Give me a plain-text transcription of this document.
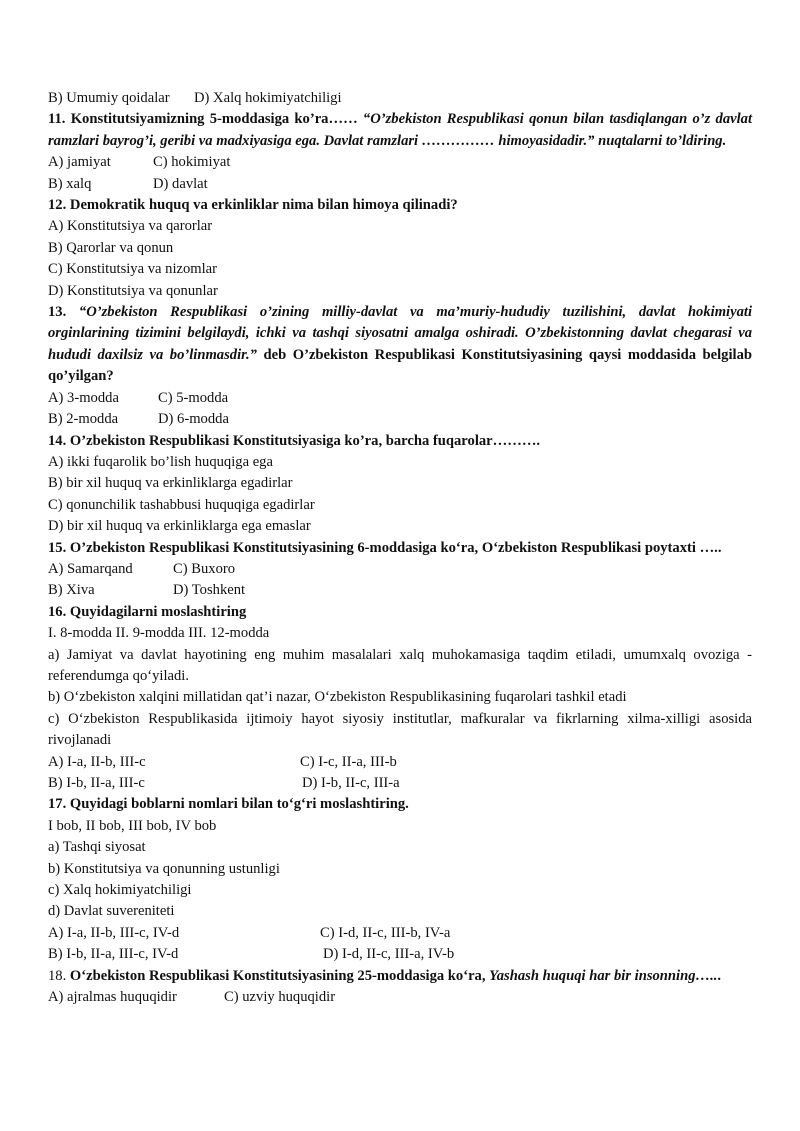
B) Umumiy qoidalar	D) Xalq hokimiyatchiligi
11. Konstitutsiyamizning 5-moddasiga ko’ra…… “O’zbekiston Respublikasi qonun bilan tasdiqlangan o’z davlat ramzlari bayrog’i, geribi va madxiyasiga ega. Davlat ramzlari …………… himoyasidadir.” nuqtalarni to’ldiring.
A) jamiyat	C) hokimiyat
B) xalq	D) davlat
12. Demokratik huquq va erkinliklar nima bilan himoya qilinadi?
A) Konstitutsiya va qarorlar
B) Qarorlar va qonun
C) Konstitutsiya va nizomlar
D) Konstitutsiya va qonunlar
13. “O’zbekiston Respublikasi o’zining milliy-davlat va ma’muriy-hududiy tuzilishini, davlat hokimiyati orginlarining tizimini belgilaydi, ichki va tashqi siyosatni amalga oshiradi. O’zbekistonning davlat chegarasi va hududi daxilsiz va bo’linmasdir.” deb O’zbekiston Respublikasi Konstitutsiyasining qaysi moddasida belgilab qo’yilgan?
A) 3-modda	C) 5-modda
B) 2-modda	D) 6-modda
14. O’zbekiston Respublikasi Konstitutsiyasiga ko’ra, barcha fuqarolar……….
A) ikki fuqarolik bo’lish huquqiga ega
B) bir xil huquq va erkinliklarga egadirlar
C) qonunchilik tashabbusi huquqiga egadirlar
D) bir xil huquq va erkinliklarga ega emaslar
15. O’zbekiston Respublikasi Konstitutsiyasining 6-moddasiga ko‘ra, O‘zbekiston Respublikasi poytaxti …..
A) Samarqand	C) Buxoro
B) Xiva	D) Toshkent
16. Quyidagilarni moslashtiring
I. 8-modda II. 9-modda III. 12-modda
a) Jamiyat va davlat hayotining eng muhim masalalari xalq muhokamasiga taqdim etiladi, umumxalq ovoziga - referendumga qo‘yiladi.
b) O‘zbekiston xalqini millatidan qat’i nazar, O‘zbekiston Respublikasining fuqarolari tashkil etadi
c) O‘zbekiston Respublikasida ijtimoiy hayot siyosiy institutlar, mafkuralar va fikrlarning xilma-xilligi asosida rivojlanadi
A) I-a, II-b, III-c	C) I-c, II-a, III-b
B) I-b, II-a, III-c	D) I-b, II-c, III-a
17. Quyidagi boblarni nomlari bilan to‘g‘ri moslashtiring.
I bob, II bob, III bob, IV bob
a) Tashqi siyosat
b) Konstitutsiya va qonunning ustunligi
c) Xalq hokimiyatchiligi
d) Davlat suvereniteti
A) I-a, II-b, III-c, IV-d	C) I-d, II-c, III-b, IV-a
B) I-b, II-a, III-c, IV-d	D) I-d, II-c, III-a, IV-b
18. O‘zbekiston Respublikasi Konstitutsiyasining 25-moddasiga ko‘ra, Yashash huquqi har bir insonning…...
A) ajralmas huquqidir	C) uzviy huquqidir
